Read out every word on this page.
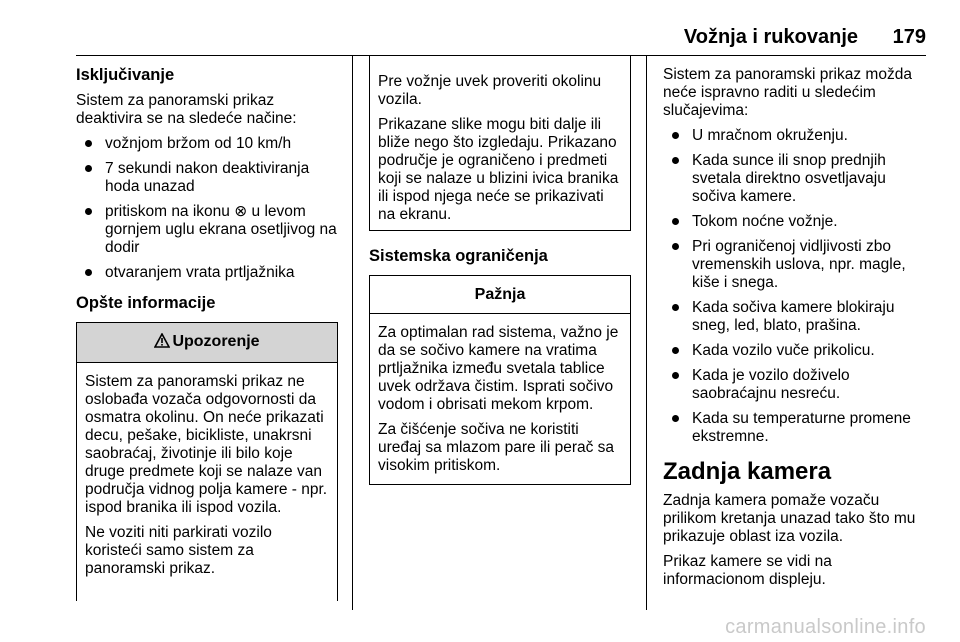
Vožnja i rukovanje 179
Isključivanje

Sistem za panoramski prikaz deaktivira se na sledeće načine:

vožnjom bržom od 10 km/h
7 sekundi nakon deaktiviranja hoda unazad
pritiskom na ikonu ⊗ u levom gornjem uglu ekrana osetljivog na dodir
otvaranjem vrata prtljažnika
Opšte informacije
Upozorenje

Sistem za panoramski prikaz ne oslobađa vozača odgovornosti da osmatra okolinu. On neće prikazati decu, pešake, bicikliste, unakrsni saobraćaj, životinje ili bilo koje druge predmete koji se nalaze van područja vidnog polja kamere - npr. ispod branika ili ispod vozila.

Ne voziti niti parkirati vozilo koristeći samo sistem za panoramski prikaz.

Pre vožnje uvek proveriti okolinu vozila.

Prikazane slike mogu biti dalje ili bliže nego što izgledaju. Prikazano područje je ograničeno i predmeti koji se nalaze u blizini ivica branika ili ispod njega neće se prikazivati na ekranu.

Sistemska ograničenja
Pažnja

Za optimalan rad sistema, važno je da se sočivo kamere na vratima prtljažnika između svetala tablice uvek održava čistim. Isprati sočivo vodom i obrisati mekom krpom.

Za čišćenje sočiva ne koristiti uređaj sa mlazom pare ili perač sa visokim pritiskom.

Sistem za panoramski prikaz možda neće ispravno raditi u sledećim slučajevima:

U mračnom okruženju.
Kada sunce ili snop prednjih svetala direktno osvetljavaju sočiva kamere.
Tokom noćne vožnje.
Pri ograničenoj vidljivosti zbo vremenskih uslova, npr. magle, kiše i snega.
Kada sočiva kamere blokiraju sneg, led, blato, prašina.
Kada vozilo vuče prikolicu.
Kada je vozilo doživelo saobraćajnu nesreću.
Kada su temperaturne promene ekstremne.
Zadnja kamera

Zadnja kamera pomaže vozaču prilikom kretanja unazad tako što mu prikazuje oblast iza vozila.

Prikaz kamere se vidi na informacionom displeju.

carmanualsonline.info
